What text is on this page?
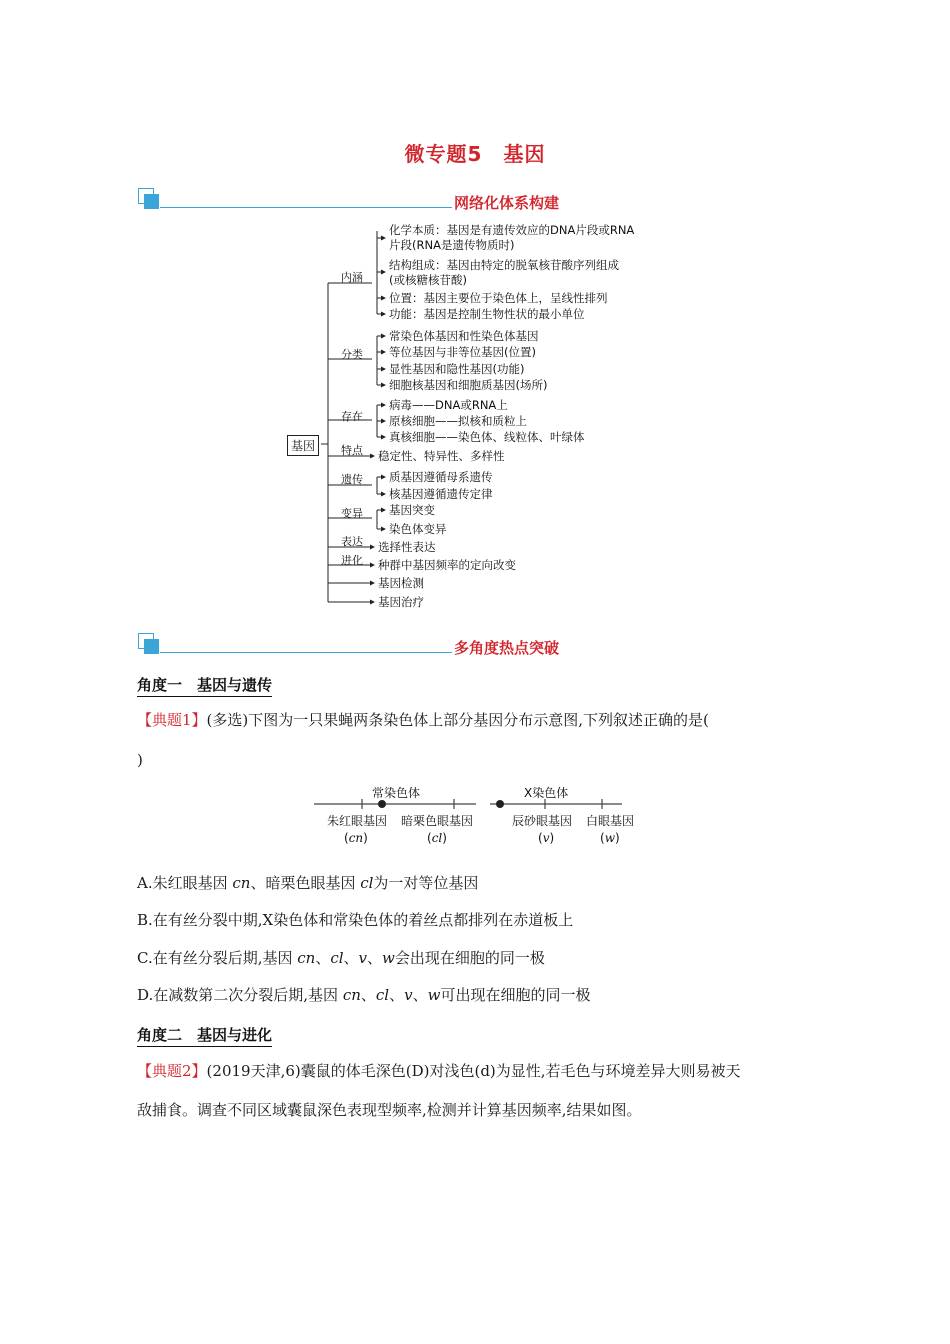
微专题5　基因
网络化体系构建
基因
内涵
分类
存在
特点
遗传
变异
表达
进化
化学本质：基因是有遗传效应的DNA片段或RNA
片段(RNA是遗传物质时)
结构组成：基因由特定的脱氧核苷酸序列组成
(或核糖核苷酸)
位置：基因主要位于染色体上，呈线性排列
功能：基因是控制生物性状的最小单位
常染色体基因和性染色体基因
等位基因与非等位基因(位置)
显性基因和隐性基因(功能)
细胞核基因和细胞质基因(场所)
病毒——DNA或RNA上
原核细胞——拟核和质粒上
真核细胞——染色体、线粒体、叶绿体
稳定性、特异性、多样性
质基因遵循母系遗传
核基因遵循遗传定律
基因突变
染色体变异
选择性表达
种群中基因频率的定向改变
基因检测
基因治疗
多角度热点突破
角度一　基因与遗传
【典题1】(多选)下图为一只果蝇两条染色体上部分基因分布示意图,下列叙述正确的是(
)
常染色体	X染色体
朱红眼基因 暗栗色眼基因	辰砂眼基因 白眼基因
(cn)	(cl)	(v)	(w)
A.朱红眼基因 cn、暗栗色眼基因 cl为一对等位基因
B.在有丝分裂中期,X染色体和常染色体的着丝点都排列在赤道板上
C.在有丝分裂后期,基因 cn、cl、v、w会出现在细胞的同一极
D.在减数第二次分裂后期,基因 cn、cl、v、w可出现在细胞的同一极
角度二　基因与进化
【典题2】(2019天津,6)囊鼠的体毛深色(D)对浅色(d)为显性,若毛色与环境差异大则易被天
敌捕食。调查不同区域囊鼠深色表现型频率,检测并计算基因频率,结果如图。
